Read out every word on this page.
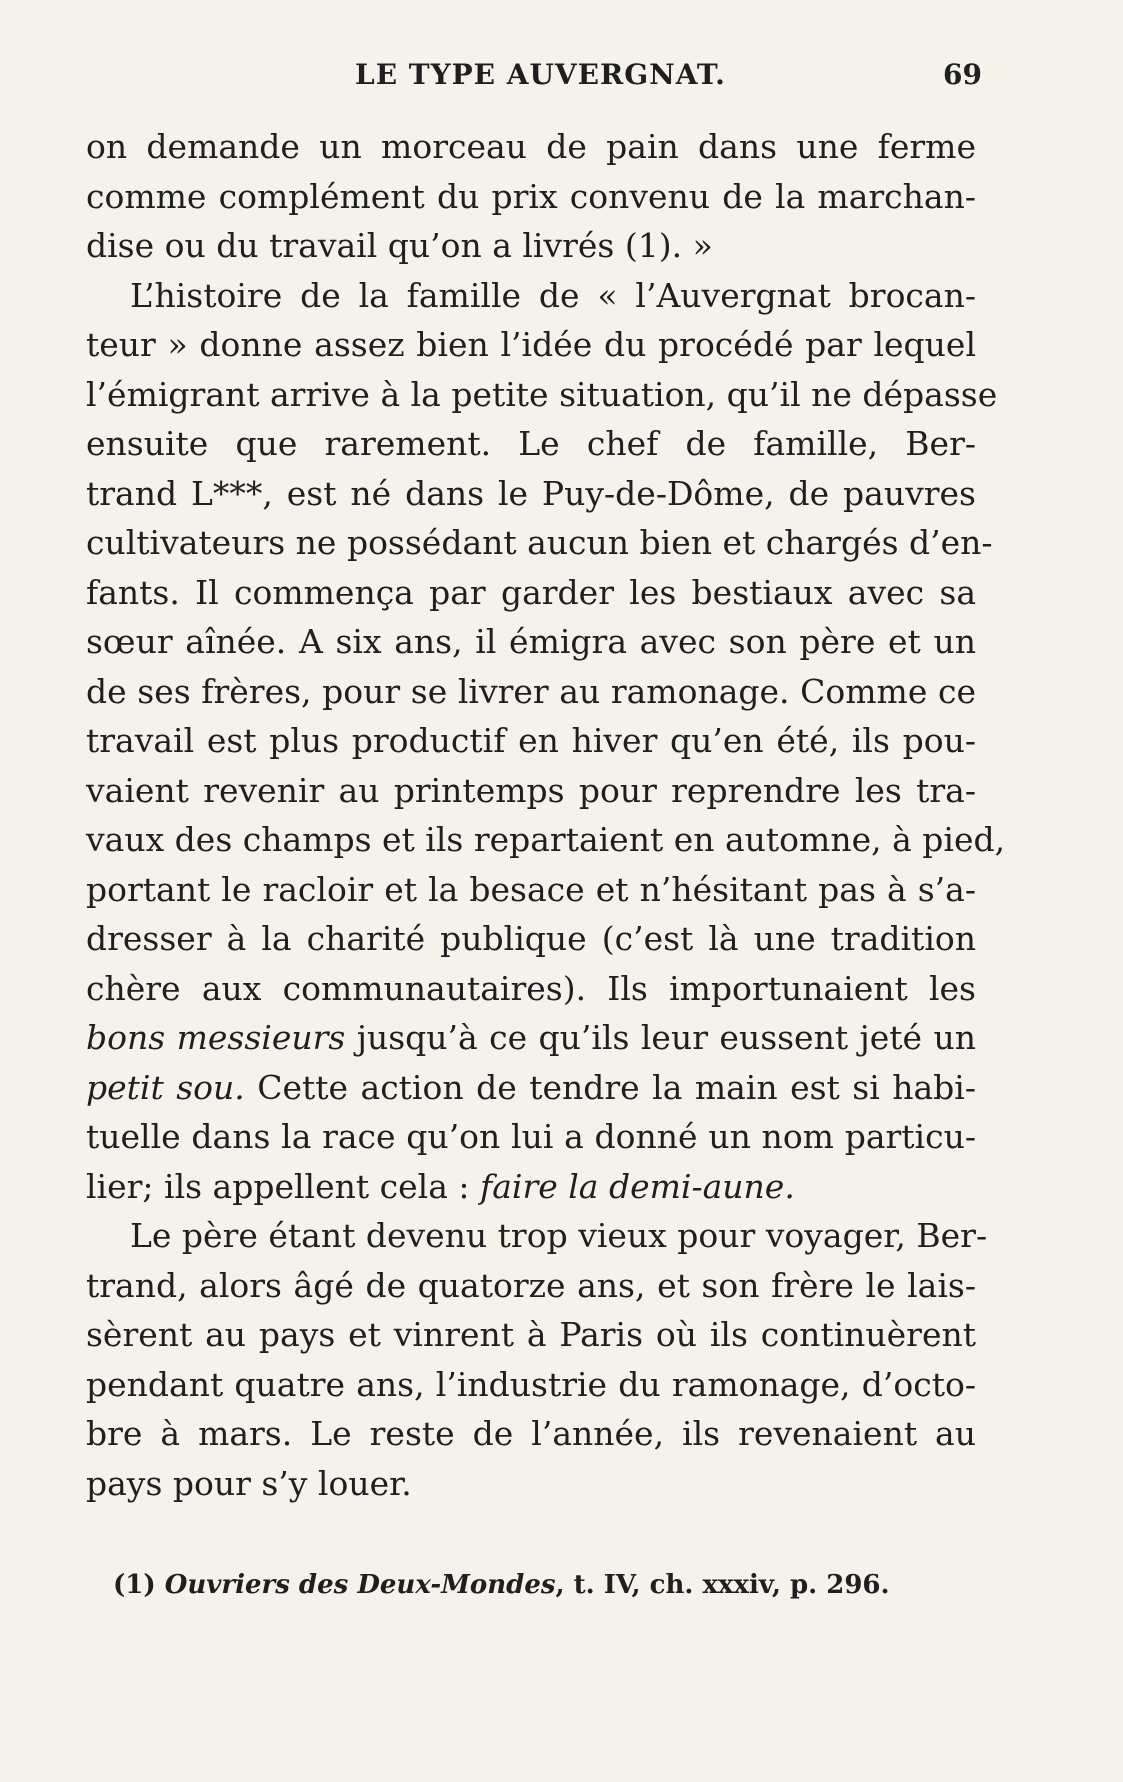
LE TYPE AUVERGNAT.	69
on demande un morceau de pain dans une ferme
comme complément du prix convenu de la marchan-
dise ou du travail qu’on a livrés (1). »
L’histoire de la famille de « l’Auvergnat brocan-
teur » donne assez bien l’idée du procédé par lequel
l’émigrant arrive à la petite situation, qu’il ne dépasse
ensuite que rarement. Le chef de famille, Ber-
trand L***, est né dans le Puy-de-Dôme, de pauvres
cultivateurs ne possédant aucun bien et chargés d’en-
fants. Il commença par garder les bestiaux avec sa
sœur aînée. A six ans, il émigra avec son père et un
de ses frères, pour se livrer au ramonage. Comme ce
travail est plus productif en hiver qu’en été, ils pou-
vaient revenir au printemps pour reprendre les tra-
vaux des champs et ils repartaient en automne, à pied,
portant le racloir et la besace et n’hésitant pas à s’a-
dresser à la charité publique (c’est là une tradition
chère aux communautaires). Ils importunaient les
bons messieurs jusqu’à ce qu’ils leur eussent jeté un
petit sou. Cette action de tendre la main est si habi-
tuelle dans la race qu’on lui a donné un nom particu-
lier; ils appellent cela : faire la demi-aune.
Le père étant devenu trop vieux pour voyager, Ber-
trand, alors âgé de quatorze ans, et son frère le lais-
sèrent au pays et vinrent à Paris où ils continuèrent
pendant quatre ans, l’industrie du ramonage, d’octo-
bre à mars. Le reste de l’année, ils revenaient au
pays pour s’y louer.
(1) Ouvriers des Deux-Mondes, t. IV, ch. xxxiv, p. 296.
